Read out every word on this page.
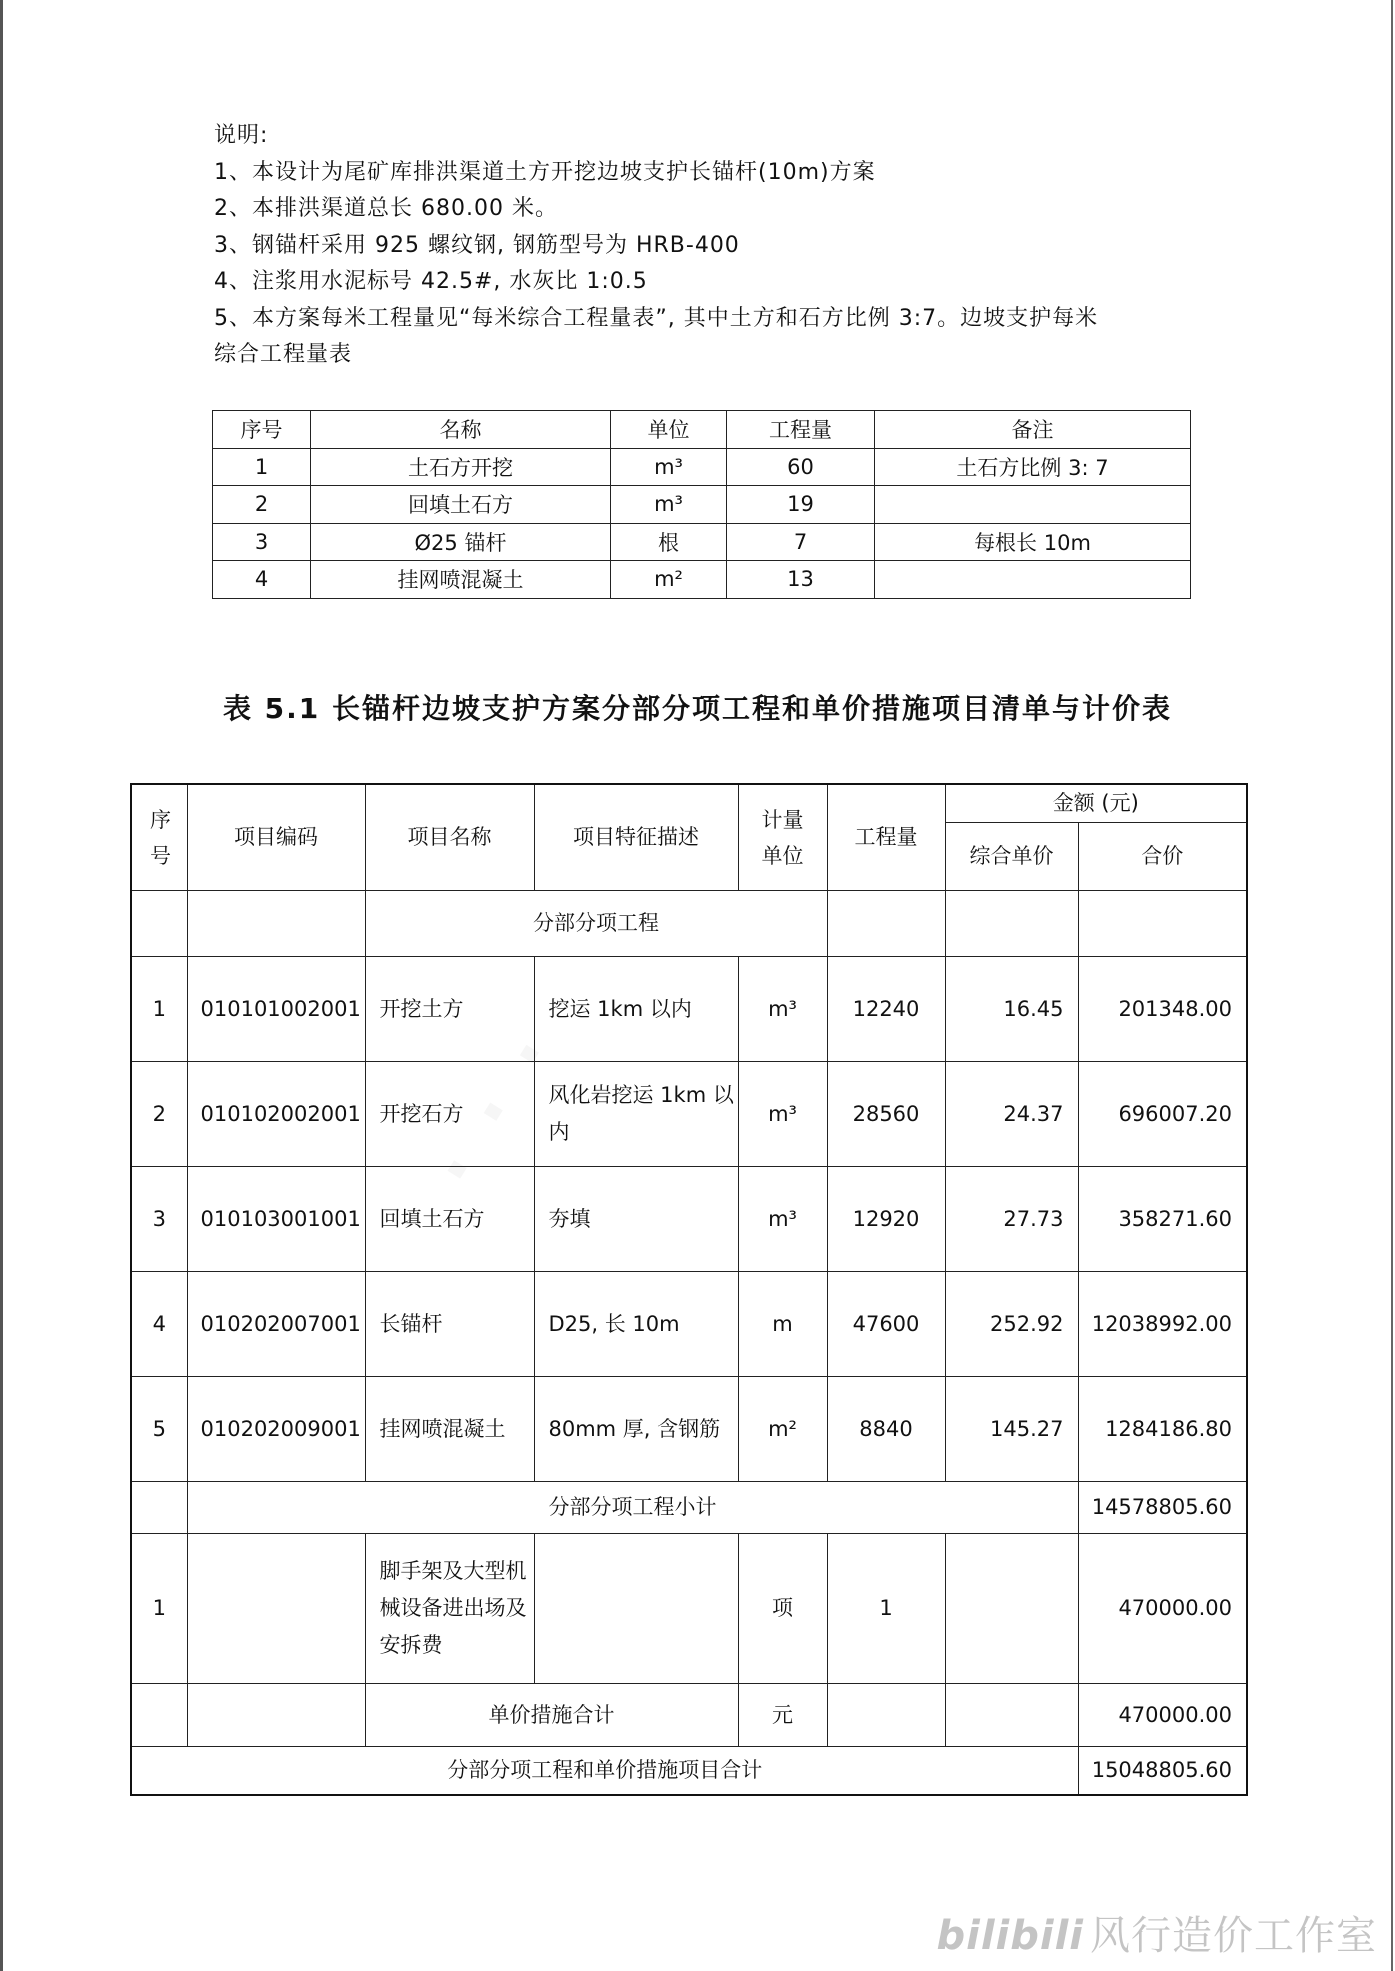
说明:

1、本设计为尾矿库排洪渠道土方开挖边坡支护长锚杆(10m)方案

2、本排洪渠道总长 680.00 米。

3、钢锚杆采用 925 螺纹钢, 钢筋型号为 HRB-400

4、注浆用水泥标号 42.5#, 水灰比 1:0.5

5、本方案每米工程量见“每米综合工程量表”, 其中土方和石方比例 3:7。边坡支护每米

综合工程量表

序号	名称	单位	工程量	备注
1	土石方开挖	m³	60	土石方比例 3: 7
2	回填土石方	m³	19	
3	Ø25 锚杆	根	7	每根长 10m
4	挂网喷混凝土	m²	13	
表 5.1 长锚杆边坡支护方案分部分项工程和单价措施项目清单与计价表
序号	项目编码	项目名称	项目特征描述	计量单位	工程量	金额 (元)	
						综合单价	合价
		分部分项工程					
1	010101002001	开挖土方	挖运 1km 以内	m³	12240	16.45	201348.00
2	010102002001	开挖石方	风化岩挖运 1km 以内	m³	28560	24.37	696007.20
3	010103001001	回填土石方	夯填	m³	12920	27.73	358271.60
4	010202007001	长锚杆	D25, 长 10m	m	47600	252.92	12038992.00
5	010202009001	挂网喷混凝土	80mm 厚, 含钢筋	m²	8840	145.27	1284186.80
	分部分项工程小计						14578805.60
1		脚手架及大型机械设备进出场及安拆费		项	1		470000.00
		单价措施合计		元			470000.00
分部分项工程和单价措施项目合计							15048805.60
bilibili 风行造价工作室
